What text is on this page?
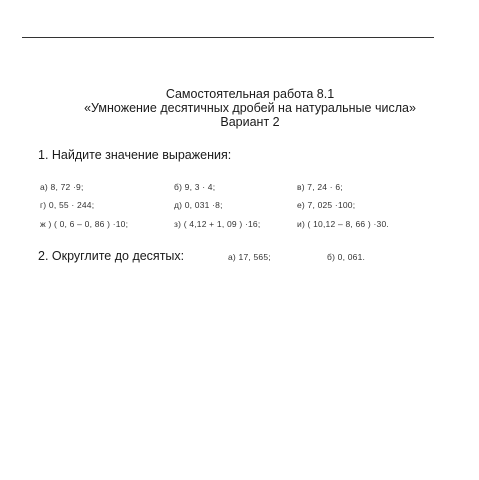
Самостоятельная работа 8.1
«Умножение десятичных дробей на натуральные числа»
Вариант 2
1. Найдите значение выражения:
а) 8, 72 ·9;	б) 9, 3 · 4;	в) 7, 24 · 6;
г) 0, 55 · 244;	д) 0, 031 ·8;	е) 7, 025 ·100;
ж ) ( 0, 6 – 0, 86 ) ·10;	з) ( 4,12 + 1, 09 ) ·16;	и) ( 10,12 – 8, 66 ) ·30.
2. Округлите до десятых:	а) 17, 565;	б) 0, 061.
